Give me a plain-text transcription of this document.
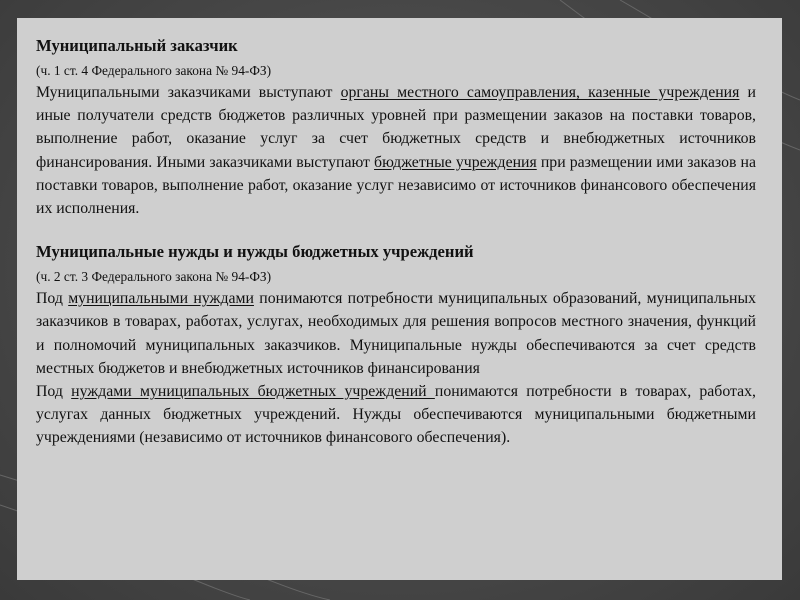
Муниципальный заказчик

(ч. 1 ст. 4 Федерального закона № 94-ФЗ)

Муниципальными заказчиками выступают органы местного самоуправления, казенные учреждения и иные получатели средств бюджетов различных уровней при размещении заказов на поставки товаров, выполнение работ, оказание услуг за счет бюджетных средств и внебюджетных источников финансирования. Иными заказчиками выступают бюджетные учреждения при размещении ими заказов на поставки товаров, выполнение работ, оказание услуг независимо от источников финансового обеспечения их исполнения.

Муниципальные нужды и нужды бюджетных учреждений

(ч. 2 ст. 3 Федерального закона № 94-ФЗ)

Под муниципальными нуждами понимаются потребности муниципальных образований, муниципальных заказчиков в товарах, работах, услугах, необходимых для решения вопросов местного значения, функций и полномочий муниципальных заказчиков. Муниципальные нужды обеспечиваются за счет средств местных бюджетов и внебюджетных источников финансирования

Под нуждами муниципальных бюджетных учреждений понимаются потребности в товарах, работах, услугах данных бюджетных учреждений. Нужды обеспечиваются муниципальными бюджетными учреждениями (независимо от источников финансового обеспечения).
